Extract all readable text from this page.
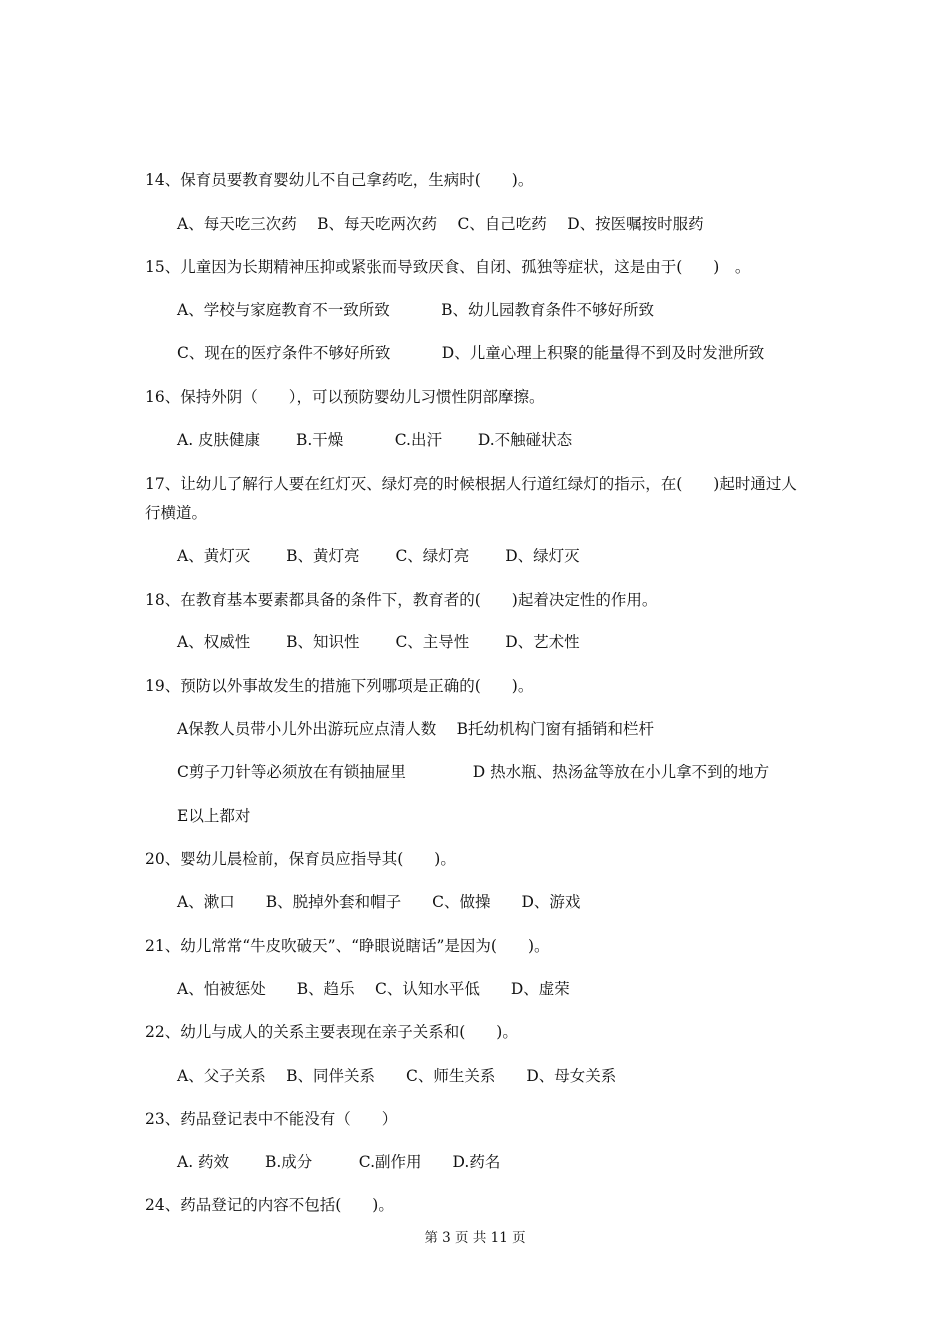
14、保育员要教育婴幼儿不自己拿药吃，生病时(　　)。
A、每天吃三次药　 B、每天吃两次药　 C、自己吃药　 D、按医嘱按时服药
15、儿童因为长期精神压抑或紧张而导致厌食、自闭、孤独等症状，这是由于(　　)　。
A、学校与家庭教育不一致所致　　　 B、幼儿园教育条件不够好所致
C、现在的医疗条件不够好所致　　　 D、儿童心理上积聚的能量得不到及时发泄所致
16、保持外阴（　　），可以预防婴幼儿习惯性阴部摩擦。
A. 皮肤健康　　 B.干燥　　　 C.出汗　　 D.不触碰状态
17、让幼儿了解行人要在红灯灭、绿灯亮的时候根据人行道红绿灯的指示，在(　　)起时通过人行横道。
A、黄灯灭　　 B、黄灯亮　　 C、绿灯亮　　 D、绿灯灭
18、在教育基本要素都具备的条件下，教育者的(　　)起着决定性的作用。
A、权威性　　 B、知识性　　 C、主导性　　 D、艺术性
19、预防以外事故发生的措施下列哪项是正确的(　　)。
A保教人员带小儿外出游玩应点清人数　 B托幼机构门窗有插销和栏杆
C剪子刀针等必须放在有锁抽屉里　　　　 D 热水瓶、热汤盆等放在小儿拿不到的地方
E以上都对
20、婴幼儿晨检前，保育员应指导其(　　)。
A、漱口　　B、脱掉外套和帽子　　C、做操　　D、游戏
21、幼儿常常“牛皮吹破天”、“睁眼说瞎话”是因为(　　)。
A、怕被惩处　　B、趋乐　 C、认知水平低　　D、虚荣
22、幼儿与成人的关系主要表现在亲子关系和(　　)。
A、父子关系　 B、同伴关系　　C、师生关系　　D、母女关系
23、药品登记表中不能没有（　　）
A. 药效　　 B.成分　　　C.副作用　　D.药名
24、药品登记的内容不包括(　　)。
第 3 页 共 11 页
